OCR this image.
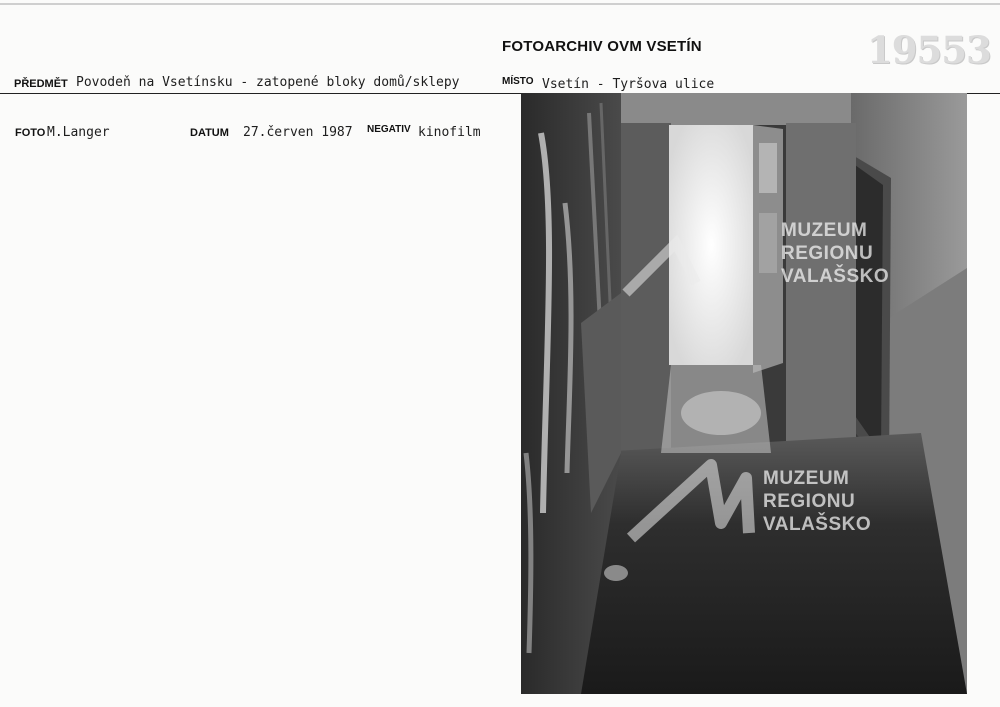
FOTOARCHIV OVM VSETÍN	19553
PŘEDMĚT Povodeň na Vsetínsku - zatopené bloky domů/sklepy	MÍSTO Vsetín - Tyršova ulice
FOTO M.Langer	DATUM 27.červen 1987 NEGATIV kinofilm
MUZEUM
REGIONU
VALAŠSKO
MUZEUM
REGIONU
VALAŠSKO
